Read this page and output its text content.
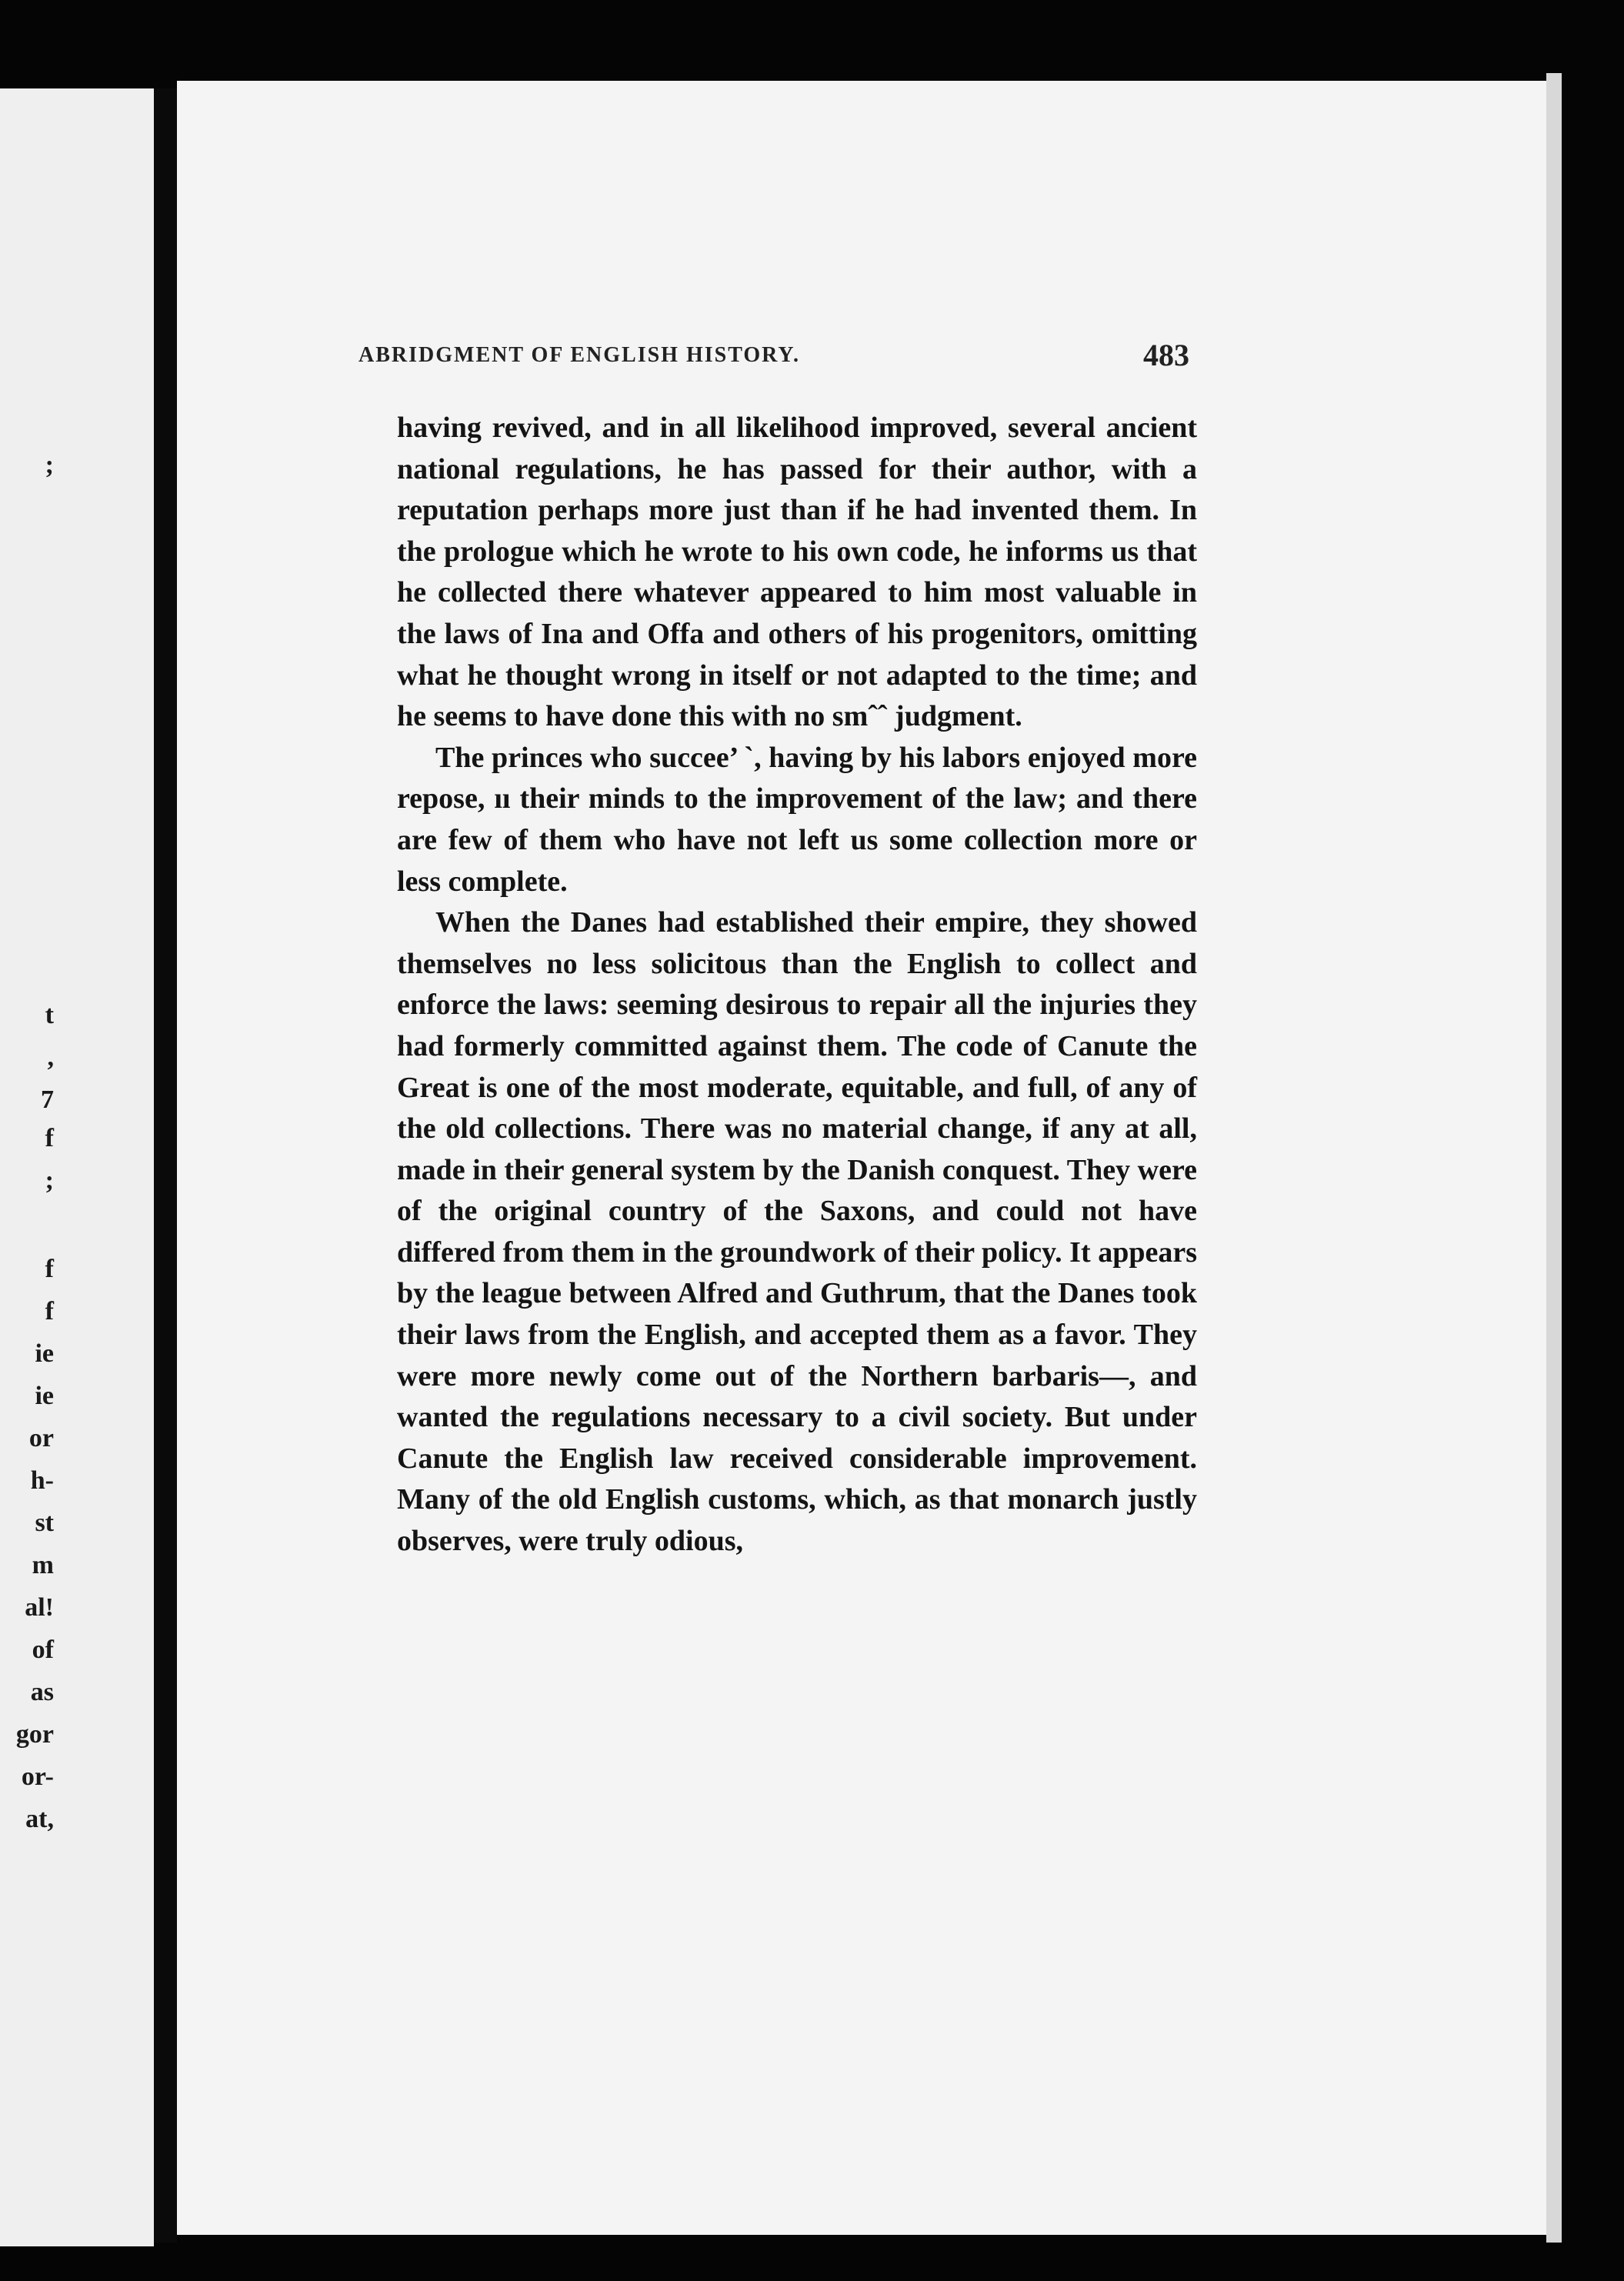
;
t
,
7
f
;
f
f
ie
ie
or
h-
st
m
al!
of
as
gor
or-
at,
ABRIDGMENT OF ENGLISH HISTORY.	483

having revived, and in all likelihood improved, several ancient national regulations, he has passed for their author, with a reputation perhaps more just than if he had invented them. In the prologue which he wrote to his own code, he informs us that he collected there whatever appeared to him most valuable in the laws of Ina and Offa and others of his progenitors, omitting what he thought wrong in itself or not adapted to the time; and he seems to have done this with no smˆˆ judgment.

The princes who succee’ ˋ, having by his labors enjoyed more repose, ıı their minds to the improvement of the law; and there are few of them who have not left us some collection more or less complete.

When the Danes had established their empire, they showed themselves no less solicitous than the English to collect and enforce the laws: seeming desirous to repair all the injuries they had formerly committed against them. The code of Canute the Great is one of the most moderate, equitable, and full, of any of the old collections. There was no material change, if any at all, made in their general system by the Danish conquest. They were of the original country of the Saxons, and could not have differed from them in the groundwork of their policy. It appears by the league between Alfred and Guthrum, that the Danes took their laws from the English, and accepted them as a favor. They were more newly come out of the Northern barbaris—, and wanted the regulations necessary to a civil society. But under Canute the English law received considerable improvement. Many of the old English customs, which, as that monarch justly observes, were truly odious,
